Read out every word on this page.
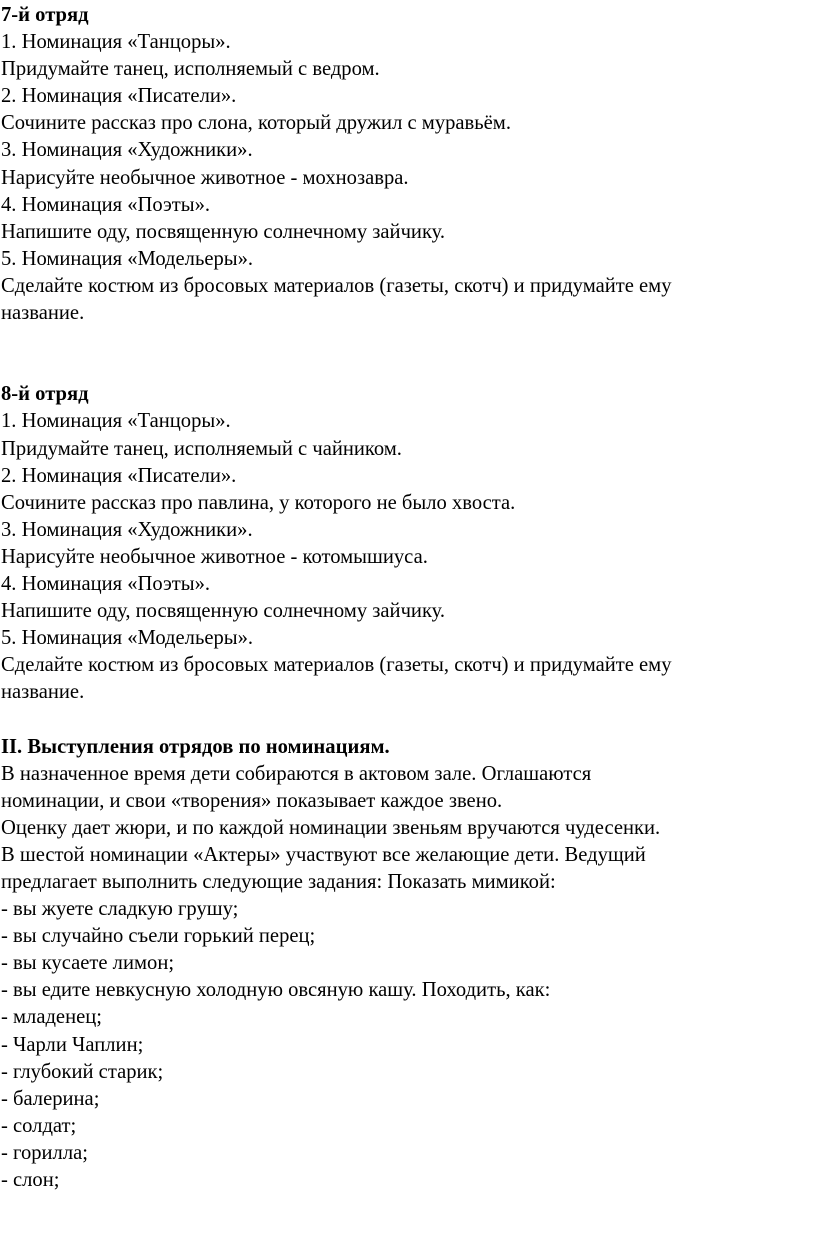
7-й отряд
1. Номинация «Танцоры».
Придумайте танец, исполняемый с ведром.
2. Номинация «Писатели».
Сочините рассказ про слона, который дружил с муравьём.
3. Номинация «Художники».
Нарисуйте необычное животное - мохнозавра.
4. Номинация «Поэты».
Напишите оду, посвященную солнечному зайчику.
5. Номинация «Модельеры».
Сделайте костюм из бросовых материалов (газеты, скотч) и придумайте ему
название.
8-й отряд
1. Номинация «Танцоры».
Придумайте танец, исполняемый с чайником.
2. Номинация «Писатели».
Сочините рассказ про павлина, у которого не было хвоста.
3. Номинация «Художники».
Нарисуйте необычное животное - котомышиуса.
4. Номинация «Поэты».
Напишите оду, посвященную солнечному зайчику.
5. Номинация «Модельеры».
Сделайте костюм из бросовых материалов (газеты, скотч) и придумайте ему
название.
II. Выступления отрядов по номинациям.
В назначенное время дети собираются в актовом зале. Оглашаются
номинации, и свои «творения» показывает каждое звено.
Оценку дает жюри, и по каждой номинации звеньям вручаются чудесенки.
В шестой номинации «Актеры» участвуют все желающие дети. Ведущий
предлагает выполнить следующие задания: Показать мимикой:
- вы жуете сладкую грушу;
- вы случайно съели горький перец;
- вы кусаете лимон;
- вы едите невкусную холодную овсяную кашу. Походить, как:
- младенец;
- Чарли Чаплин;
- глубокий старик;
- балерина;
- солдат;
- горилла;
- слон;
